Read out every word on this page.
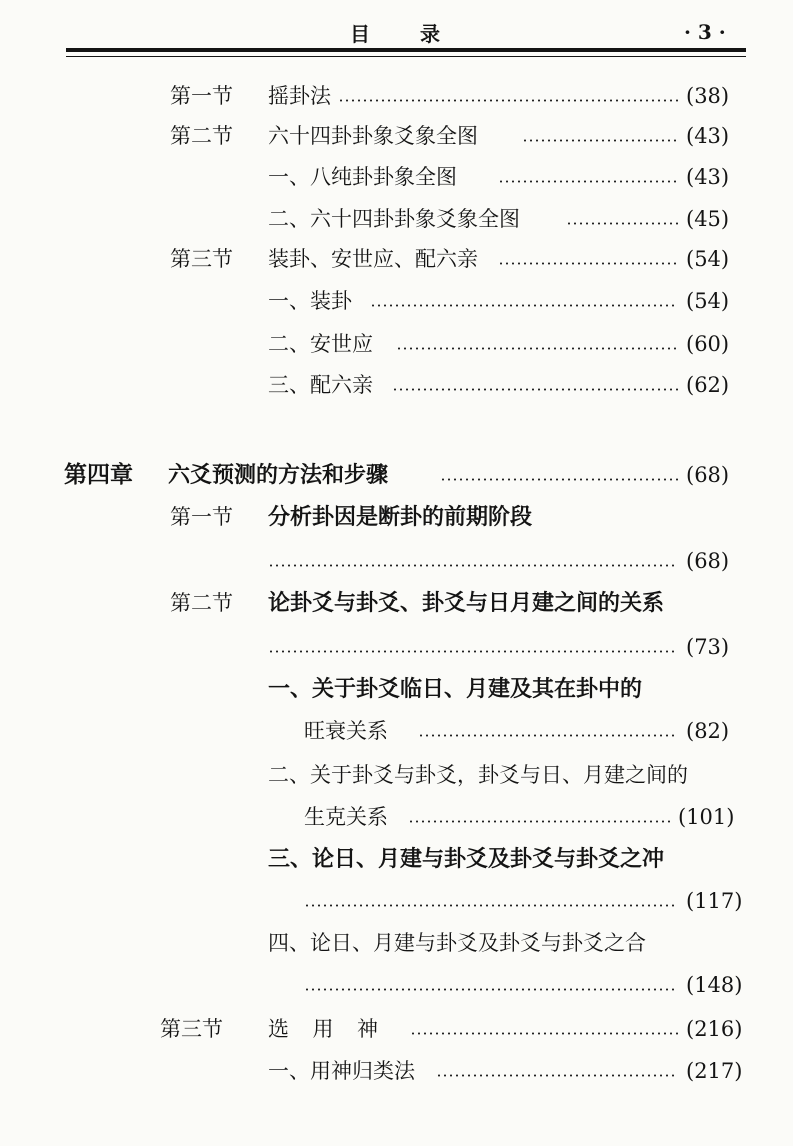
目	录	· 3 ·
第一节 摇卦法	(38)
第二节 六十四卦卦象爻象全图	(43)
一、八纯卦卦象全图	(43)
二、六十四卦卦象爻象全图	(45)
第三节 装卦、安世应、配六亲	(54)
一、装卦	(54)
二、安世应	(60)
三、配六亲	(62)
第四章 六爻预测的方法和步骤	(68)
第一节 分析卦因是断卦的前期阶段
(68)
第二节 论卦爻与卦爻、卦爻与日月建之间的关系
(73)
一、关于卦爻临日、月建及其在卦中的
旺衰关系	(82)
二、关于卦爻与卦爻，卦爻与日、月建之间的
生克关系	(101)
三、论日、月建与卦爻及卦爻与卦爻之冲
(117)
四、论日、月建与卦爻及卦爻与卦爻之合
(148)
第三节 选 用 神	(216)
一、用神归类法	(217)
